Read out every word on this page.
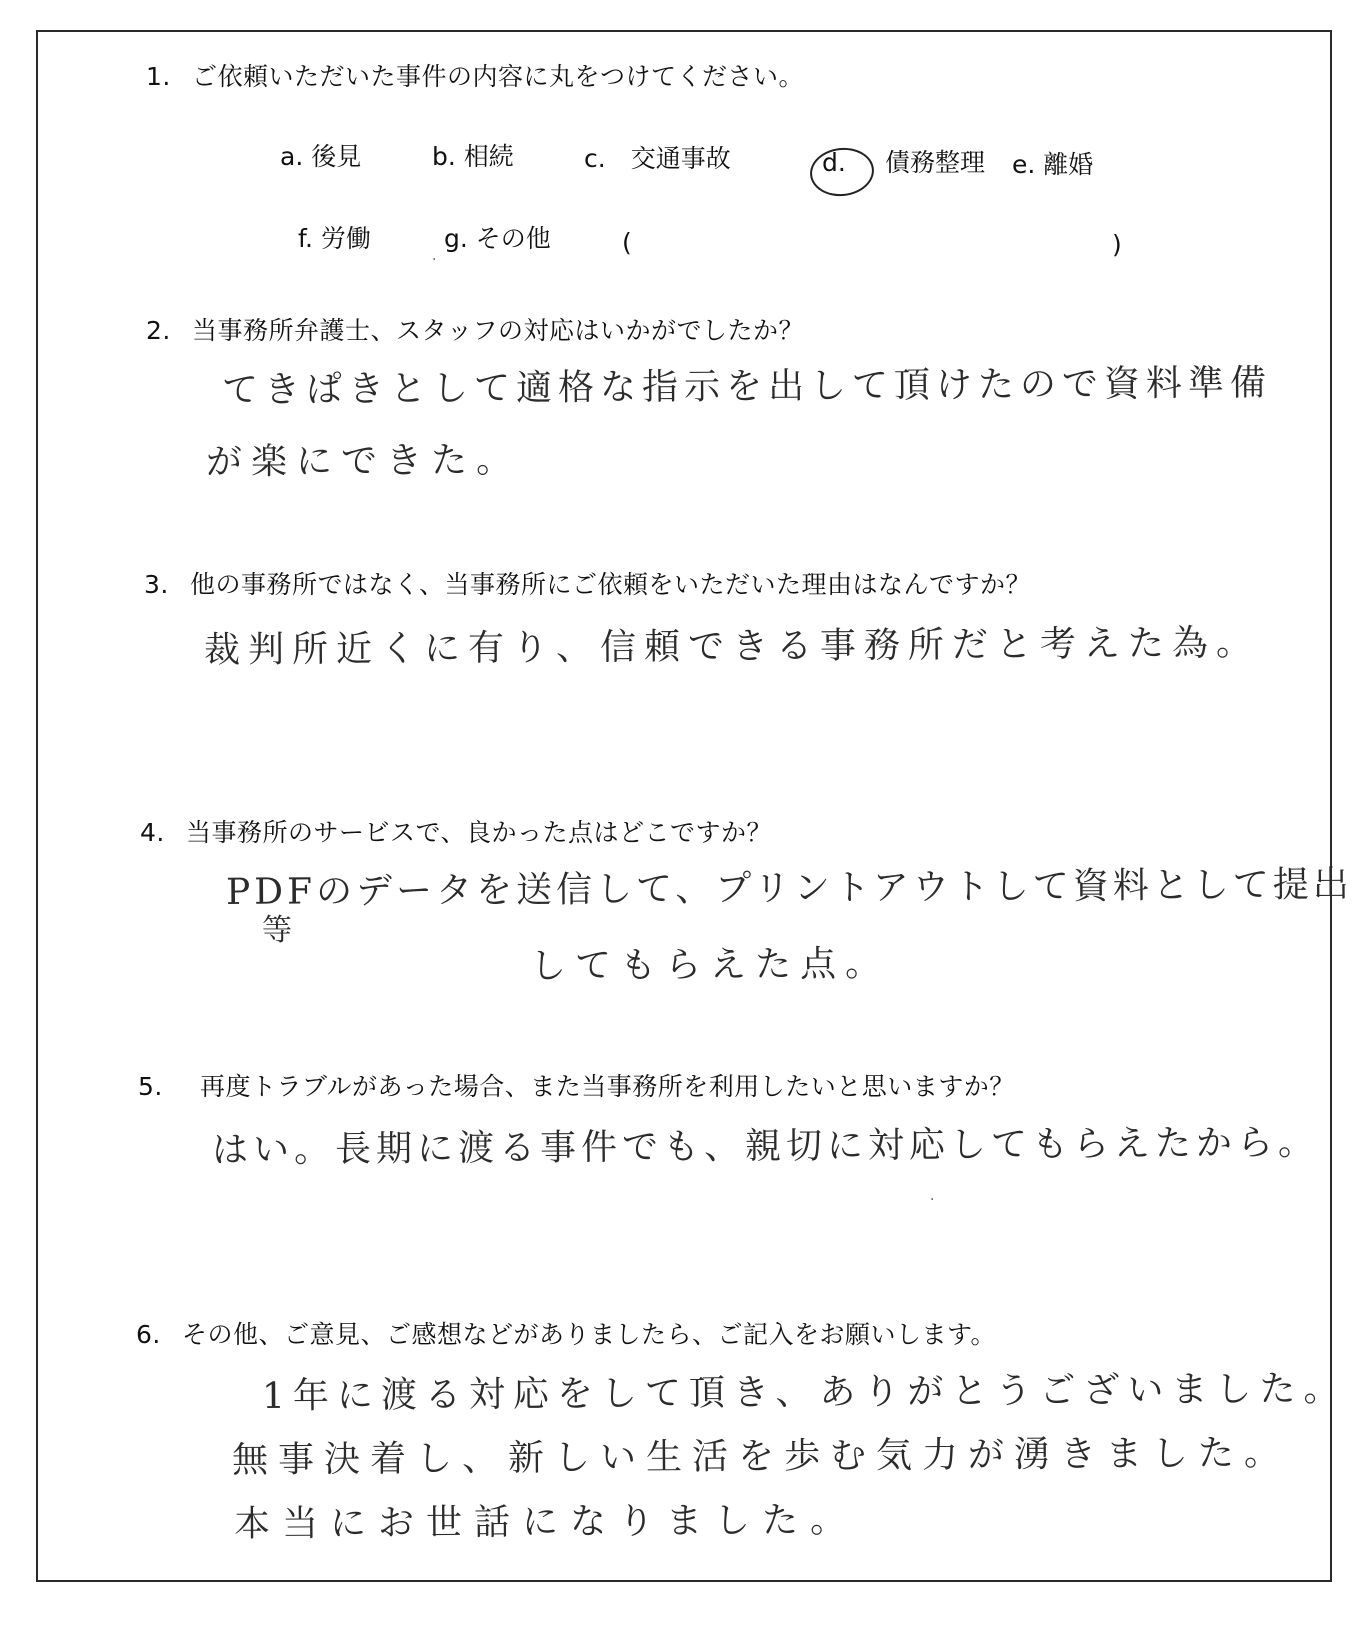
1. ご依頼いただいた事件の内容に丸をつけてください。
a. 後見	b. 相続	c.　交通事故	d. 債務整理 e. 離婚
f. 労働	g. その他	(	)
2. 当事務所弁護士、スタッフの対応はいかがでしたか？
てきぱきとして適格な指示を出して頂けたので資料準備
が楽にできた。
3. 他の事務所ではなく、当事務所にご依頼をいただいた理由はなんですか？
裁判所近くに有り、信頼できる事務所だと考えた為。
4. 当事務所のサービスで、良かった点はどこですか？
PDFのデータを送信して、プリントアウトして資料として提出
等
してもらえた点。
5. 再度トラブルがあった場合、また当事務所を利用したいと思いますか？
はい。長期に渡る事件でも、親切に対応してもらえたから。
6. その他、ご意見、ご感想などがありましたら、ご記入をお願いします。
1年に渡る対応をして頂き、ありがとうございました。
無事決着し、新しい生活を歩む気力が湧きました。
本当にお世話になりました。
·
·
